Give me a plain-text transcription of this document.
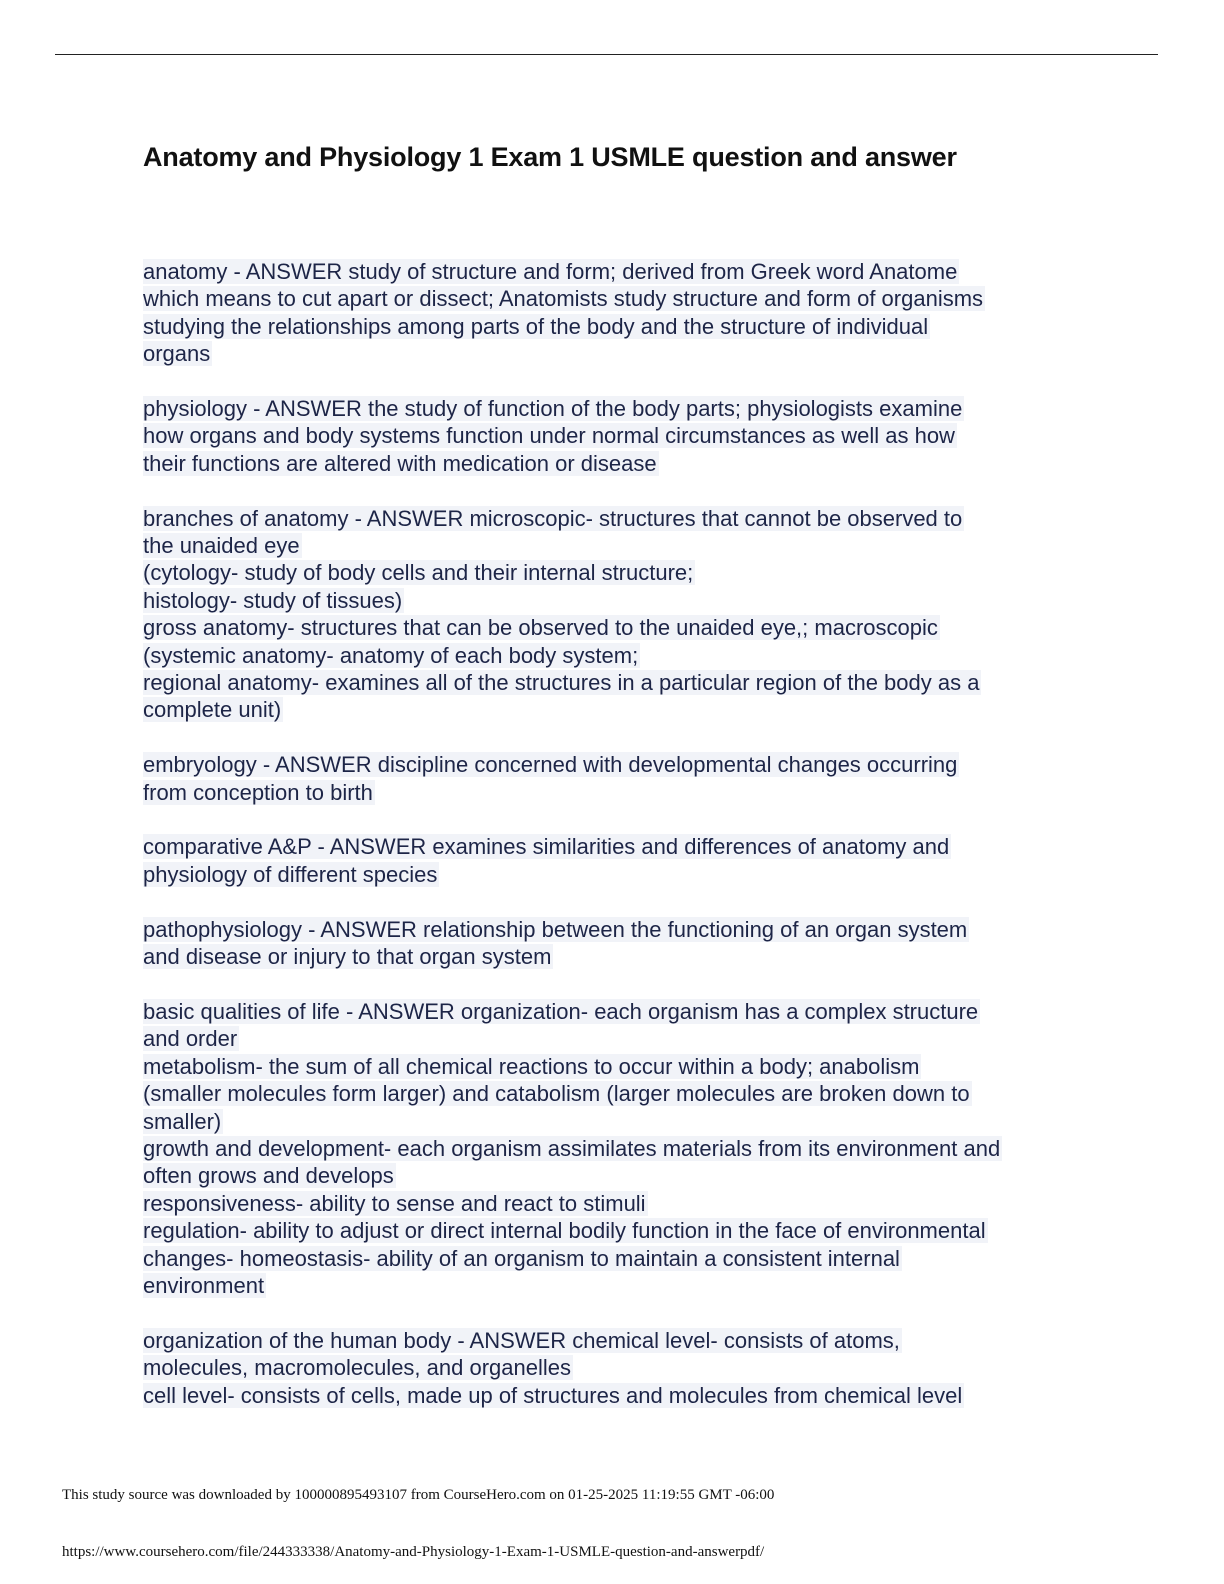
Anatomy and Physiology 1 Exam 1 USMLE question and answer
anatomy - ANSWER study of structure and form; derived from Greek word Anatome
which means to cut apart or dissect; Anatomists study structure and form of organisms
studying the relationships among parts of the body and the structure of individual
organs
physiology - ANSWER the study of function of the body parts; physiologists examine
how organs and body systems function under normal circumstances as well as how
their functions are altered with medication or disease
branches of anatomy - ANSWER microscopic- structures that cannot be observed to
the unaided eye
(cytology- study of body cells and their internal structure;
histology- study of tissues)
gross anatomy- structures that can be observed to the unaided eye,; macroscopic
(systemic anatomy- anatomy of each body system;
regional anatomy- examines all of the structures in a particular region of the body as a
complete unit)
embryology - ANSWER discipline concerned with developmental changes occurring
from conception to birth
comparative A&P - ANSWER examines similarities and differences of anatomy and
physiology of different species
pathophysiology - ANSWER relationship between the functioning of an organ system
and disease or injury to that organ system
basic qualities of life - ANSWER organization- each organism has a complex structure
and order
metabolism- the sum of all chemical reactions to occur within a body; anabolism
(smaller molecules form larger) and catabolism (larger molecules are broken down to
smaller)
growth and development- each organism assimilates materials from its environment and
often grows and develops
responsiveness- ability to sense and react to stimuli
regulation- ability to adjust or direct internal bodily function in the face of environmental
changes- homeostasis- ability of an organism to maintain a consistent internal
environment
organization of the human body - ANSWER chemical level- consists of atoms,
molecules, macromolecules, and organelles
cell level- consists of cells, made up of structures and molecules from chemical level
This study source was downloaded by 100000895493107 from CourseHero.com on 01-25-2025 11:19:55 GMT -06:00
https://www.coursehero.com/file/244333338/Anatomy-and-Physiology-1-Exam-1-USMLE-question-and-answerpdf/
